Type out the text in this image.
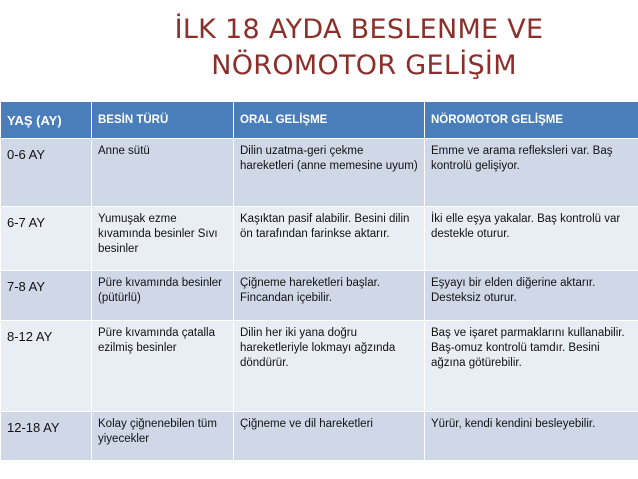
İLK 18 AYDA BESLENME VE
NÖROMOTOR GELİŞİM
YAŞ (AY)	BESİN TÜRÜ	ORAL GELİŞME	NÖROMOTOR GELİŞME
0-6 AY	Anne sütü	Dilin uzatma-geri çekme hareketleri (anne memesine uyum)	Emme ve arama refleksleri var. Baş kontrolü gelişiyor.
6-7 AY	Yumuşak ezme kıvamında besinler Sıvı besinler	Kaşıktan pasif alabilir. Besini dilin ön tarafından farinkse aktarır.	İki elle eşya yakalar. Baş kontrolü var destekle oturur.
7-8 AY	Püre kıvamında besinler (pütürlü)	Çiğneme hareketleri başlar. Fincandan içebilir.	Eşyayı bir elden diğerine aktarır. Desteksiz oturur.
8-12 AY	Püre kıvamında çatalla ezilmiş besinler	Dilin her iki yana doğru hareketleriyle lokmayı ağzında döndürür.	Baş ve işaret parmaklarını kullanabilir. Baş-omuz kontrolü tamdır. Besini ağzına götürebilir.
12-18 AY	Kolay çiğnenebilen tüm yiyecekler	Çiğneme ve dil hareketleri	Yürür, kendi kendini besleyebilir.
